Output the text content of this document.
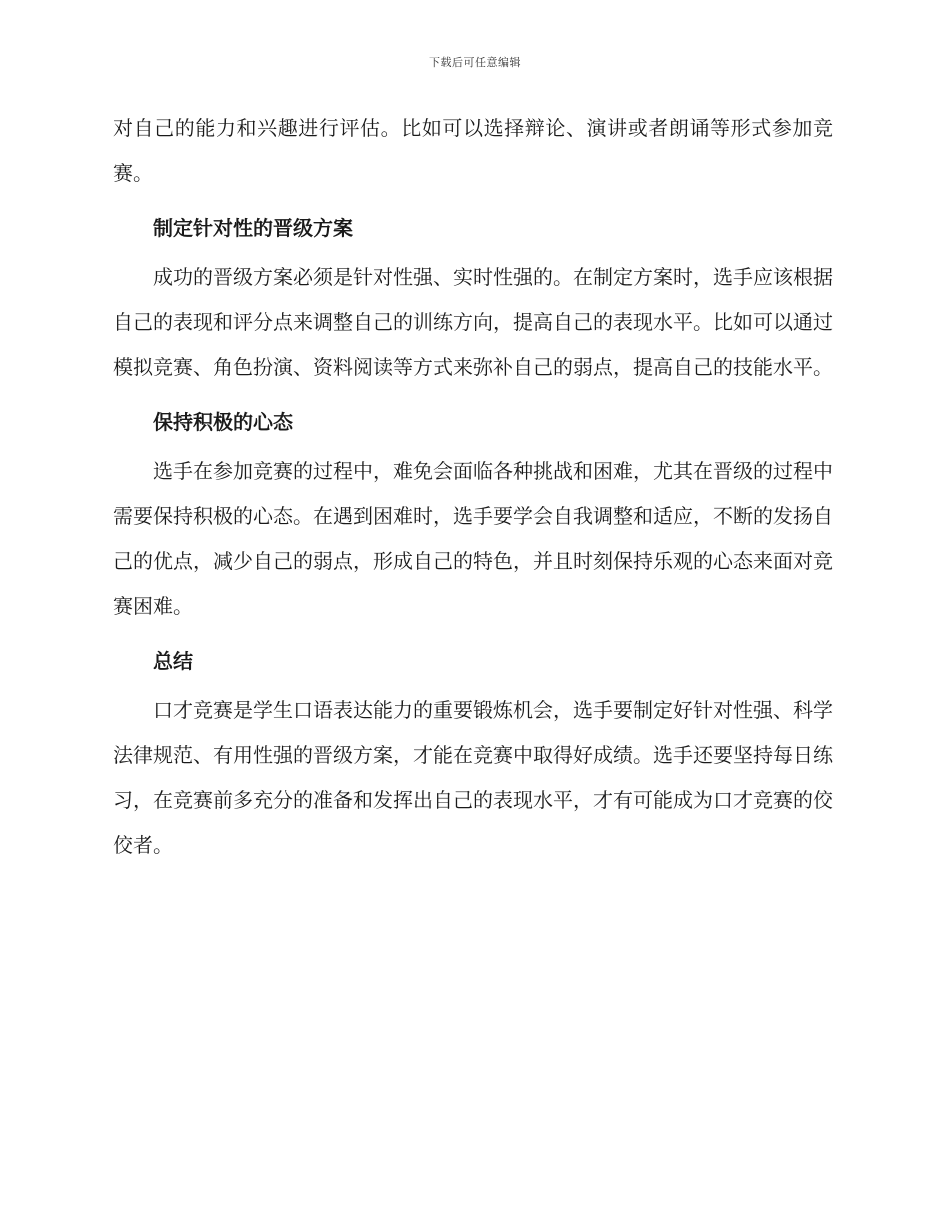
下载后可任意编辑

对自己的能力和兴趣进行评估。比如可以选择辩论、演讲或者朗诵等形式参加竞赛。

制定针对性的晋级方案

成功的晋级方案必须是针对性强、实时性强的。在制定方案时，选手应该根据自己的表现和评分点来调整自己的训练方向，提高自己的表现水平。比如可以通过模拟竞赛、角色扮演、资料阅读等方式来弥补自己的弱点，提高自己的技能水平。

保持积极的心态

选手在参加竞赛的过程中，难免会面临各种挑战和困难，尤其在晋级的过程中需要保持积极的心态。在遇到困难时，选手要学会自我调整和适应，不断的发扬自己的优点，减少自己的弱点，形成自己的特色，并且时刻保持乐观的心态来面对竞赛困难。

总结

口才竞赛是学生口语表达能力的重要锻炼机会，选手要制定好针对性强、科学法律规范、有用性强的晋级方案，才能在竞赛中取得好成绩。选手还要坚持每日练习，在竞赛前多充分的准备和发挥出自己的表现水平，才有可能成为口才竞赛的佼佼者。
